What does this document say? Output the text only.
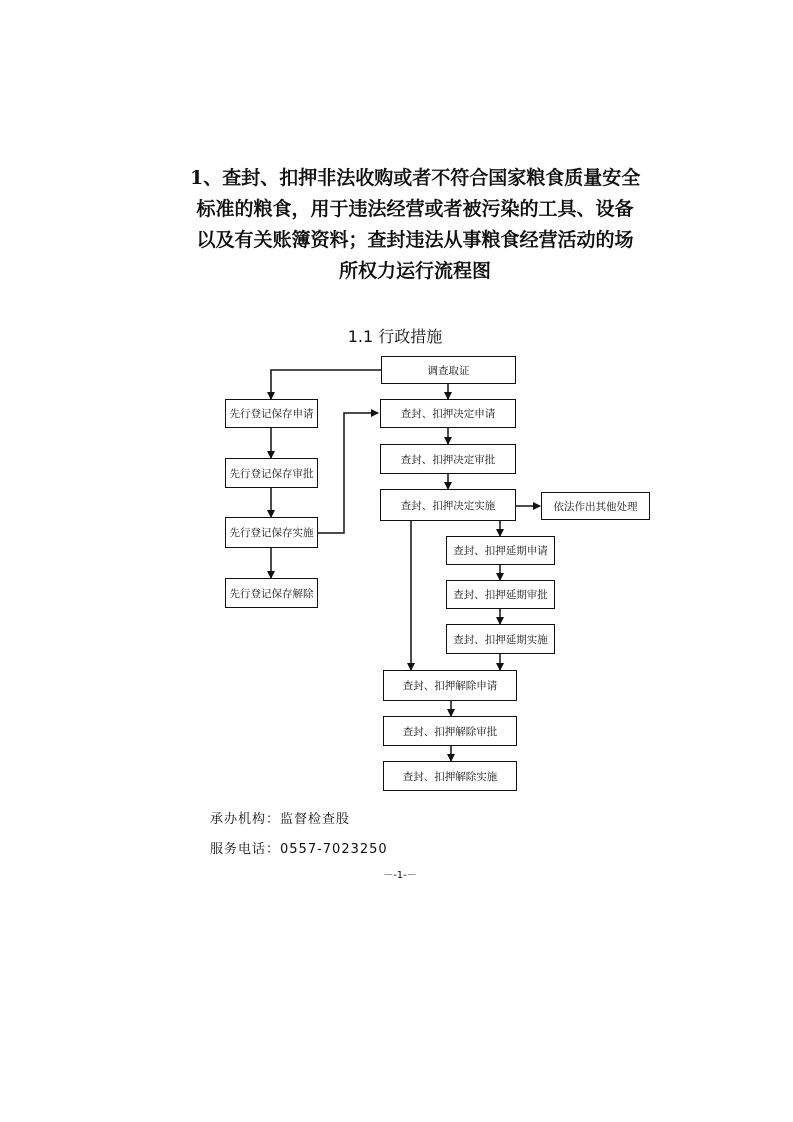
1、查封、扣押非法收购或者不符合国家粮食质量安全
标准的粮食，用于违法经营或者被污染的工具、设备
以及有关账簿资料；查封违法从事粮食经营活动的场
所权力运行流程图

1.1 行政措施

调查取证
查封、扣押决定申请
查封、扣押决定审批
查封、扣押决定实施	依法作出其他处理
查封、扣押延期申请
查封、扣押延期审批
查封、扣押延期实施
查封、扣押解除申请
查封、扣押解除审批
查封、扣押解除实施
先行登记保存申请
先行登记保存审批
先行登记保存实施
先行登记保存解除

承办机构：监督检查股

服务电话：0557-7023250

－-1-－
